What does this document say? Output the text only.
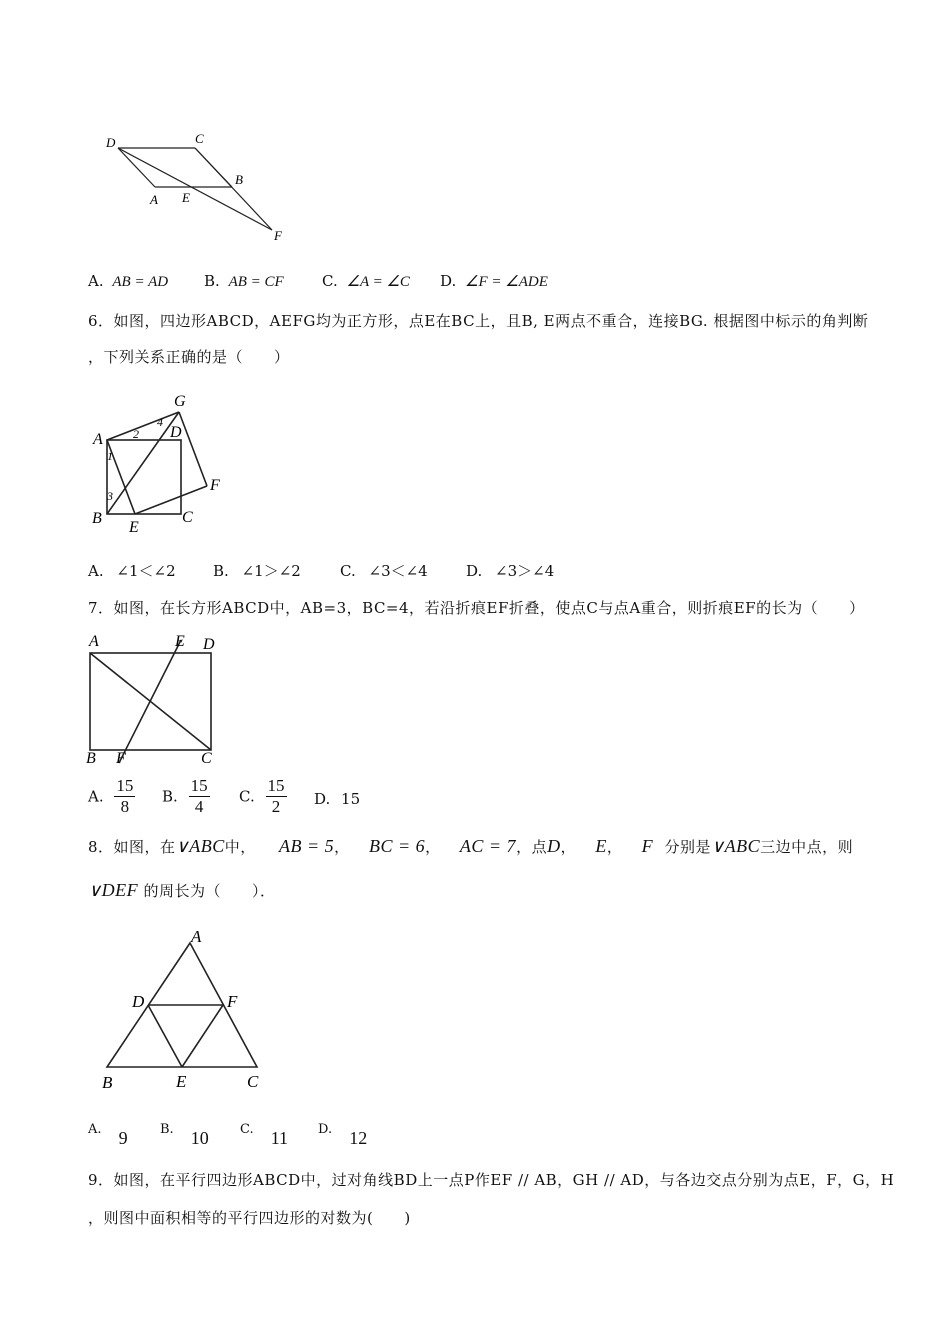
D	C
B
A E
F
A. AB = AD B. AB = CF	C. ∠A = ∠C D. ∠F = ∠ADE
6．如图，四边形ABCD，AEFG均为正方形，点E在BC上，且B, E两点不重合，连接BG. 根据图中标示的角判断
，下列关系正确的是（　　）
G
A	D
F
B
E
C
1
2
3
4
A. ∠1＜∠2 B. ∠1＞∠2	C. ∠3＜∠4	D. ∠3＞∠4
7．如图，在长方形ABCD中，AB=3，BC=4，若沿折痕EF折叠，使点C与点A重合，则折痕EF的长为（　　）
A	E D
B F	C
A. $\frac{15}{8} B$. $\frac{15}{4} C$. $\frac{15}{2} D$. 15
8．如图，在∨ABC中， AB = 5， BC = 6， AC = 7，点D， E， F 分别是∨ABC三边中点，则
∨DEF 的周长为（　　）．
A
D	F
B	E	C
$^{A.}$ 9 $^{B.}$ 10 $^{C.}$ 11 $^{D.}$ 12
9．如图，在平行四边形ABCD中，过对角线BD上一点P作EF // AB，GH // AD，与各边交点分别为点E，F，G，H
，则图中面积相等的平行四边形的对数为(　　)
